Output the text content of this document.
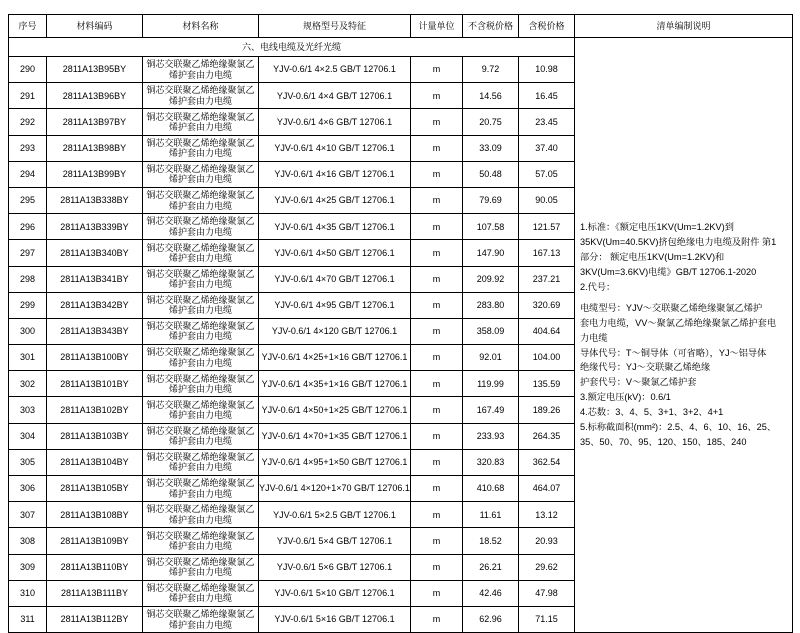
序号	材料编码	材料名称	规格型号及特征	计量单位	不含税价格	含税价格	清单编制说明
六、电线电缆及光纤光缆	

1.标准：《额定电压1KV(Um=1.2KV)到

35KV(Um=40.5KV)挤包绝缘电力电缆及附件 第1

部分： 额定电压1KV(Um=1.2KV)和

3KV(Um=3.6KV)电缆》GB/T 12706.1-2020

2.代号：

电缆型号：YJV～交联聚乙烯绝缘聚氯乙烯护

套电力电缆，VV～聚氯乙烯绝缘聚氯乙烯护套电

力电缆

导体代号：T～铜导体（可省略），YJ～铝导体

绝缘代号：YJ～交联聚乙烯绝缘

护套代号：V～聚氯乙烯护套

3.额定电压(kV)：0.6/1

4.芯数：3、4、5、3+1、3+2、4+1

5.标称截面积(mm²)：2.5、4、6、10、16、25、

35、50、70、95、120、150、185、240

290	2811A13B95BY	铜芯交联聚乙烯绝缘聚氯乙
烯护套由力电缆	YJV-0.6/1 4×2.5 GB/T 12706.1	m	9.72	10.98	
291	2811A13B96BY	铜芯交联聚乙烯绝缘聚氯乙
烯护套由力电缆	YJV-0.6/1 4×4 GB/T 12706.1	m	14.56	16.45	
292	2811A13B97BY	铜芯交联聚乙烯绝缘聚氯乙
烯护套由力电缆	YJV-0.6/1 4×6 GB/T 12706.1	m	20.75	23.45	
293	2811A13B98BY	铜芯交联聚乙烯绝缘聚氯乙
烯护套由力电缆	YJV-0.6/1 4×10 GB/T 12706.1	m	33.09	37.40	
294	2811A13B99BY	铜芯交联聚乙烯绝缘聚氯乙
烯护套由力电缆	YJV-0.6/1 4×16 GB/T 12706.1	m	50.48	57.05	
295	2811A13B338BY	铜芯交联聚乙烯绝缘聚氯乙
烯护套由力电缆	YJV-0.6/1 4×25 GB/T 12706.1	m	79.69	90.05	
296	2811A13B339BY	铜芯交联聚乙烯绝缘聚氯乙
烯护套由力电缆	YJV-0.6/1 4×35 GB/T 12706.1	m	107.58	121.57	
297	2811A13B340BY	铜芯交联聚乙烯绝缘聚氯乙
烯护套由力电缆	YJV-0.6/1 4×50 GB/T 12706.1	m	147.90	167.13	
298	2811A13B341BY	铜芯交联聚乙烯绝缘聚氯乙
烯护套由力电缆	YJV-0.6/1 4×70 GB/T 12706.1	m	209.92	237.21	
299	2811A13B342BY	铜芯交联聚乙烯绝缘聚氯乙
烯护套由力电缆	YJV-0.6/1 4×95 GB/T 12706.1	m	283.80	320.69	
300	2811A13B343BY	铜芯交联聚乙烯绝缘聚氯乙
烯护套由力电缆	YJV-0.6/1 4×120 GB/T 12706.1	m	358.09	404.64	
301	2811A13B100BY	铜芯交联聚乙烯绝缘聚氯乙
烯护套由力电缆	YJV-0.6/1 4×25+1×16 GB/T 12706.1	m	92.01	104.00	
302	2811A13B101BY	铜芯交联聚乙烯绝缘聚氯乙
烯护套由力电缆	YJV-0.6/1 4×35+1×16 GB/T 12706.1	m	119.99	135.59	
303	2811A13B102BY	铜芯交联聚乙烯绝缘聚氯乙
烯护套由力电缆	YJV-0.6/1 4×50+1×25 GB/T 12706.1	m	167.49	189.26	
304	2811A13B103BY	铜芯交联聚乙烯绝缘聚氯乙
烯护套由力电缆	YJV-0.6/1 4×70+1×35 GB/T 12706.1	m	233.93	264.35	
305	2811A13B104BY	铜芯交联聚乙烯绝缘聚氯乙
烯护套由力电缆	YJV-0.6/1 4×95+1×50 GB/T 12706.1	m	320.83	362.54	
306	2811A13B105BY	铜芯交联聚乙烯绝缘聚氯乙
烯护套由力电缆	YJV-0.6/1 4×120+1×70 GB/T 12706.1	m	410.68	464.07	
307	2811A13B108BY	铜芯交联聚乙烯绝缘聚氯乙
烯护套由力电缆	YJV-0.6/1 5×2.5 GB/T 12706.1	m	11.61	13.12	
308	2811A13B109BY	铜芯交联聚乙烯绝缘聚氯乙
烯护套由力电缆	YJV-0.6/1 5×4 GB/T 12706.1	m	18.52	20.93	
309	2811A13B110BY	铜芯交联聚乙烯绝缘聚氯乙
烯护套由力电缆	YJV-0.6/1 5×6 GB/T 12706.1	m	26.21	29.62	
310	2811A13B111BY	铜芯交联聚乙烯绝缘聚氯乙
烯护套由力电缆	YJV-0.6/1 5×10 GB/T 12706.1	m	42.46	47.98	
311	2811A13B112BY	铜芯交联聚乙烯绝缘聚氯乙
烯护套由力电缆	YJV-0.6/1 5×16 GB/T 12706.1	m	62.96	71.15	
